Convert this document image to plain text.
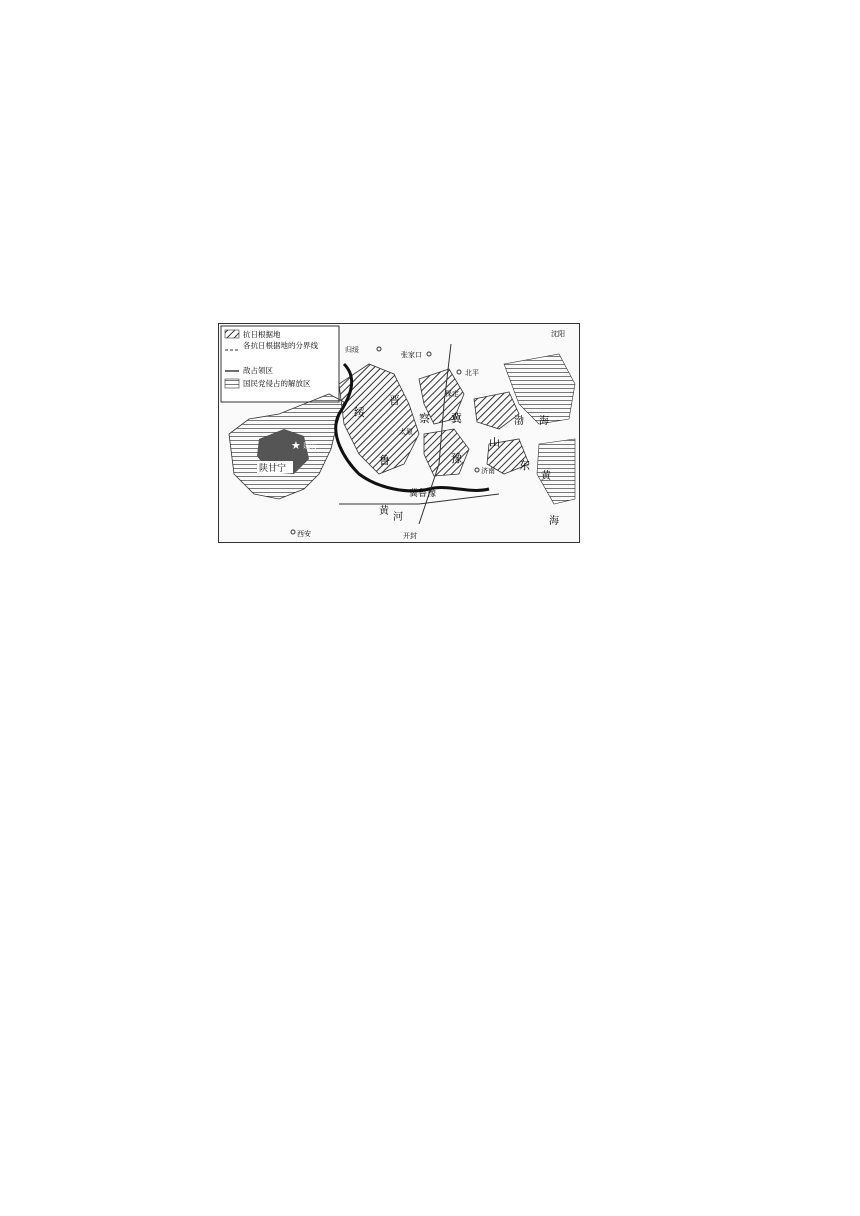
抗日根据地
各抗日根据地的分界线
敌占领区
国民党侵占的解放区
归绥
张家口
北平
保定
太原
沈阳
济南
西安	开封
绥
晋
察 冀
豫
鲁
冀鲁豫
山
东
渤 海
黄
海
黄
河
陕甘宁
★ 延安
